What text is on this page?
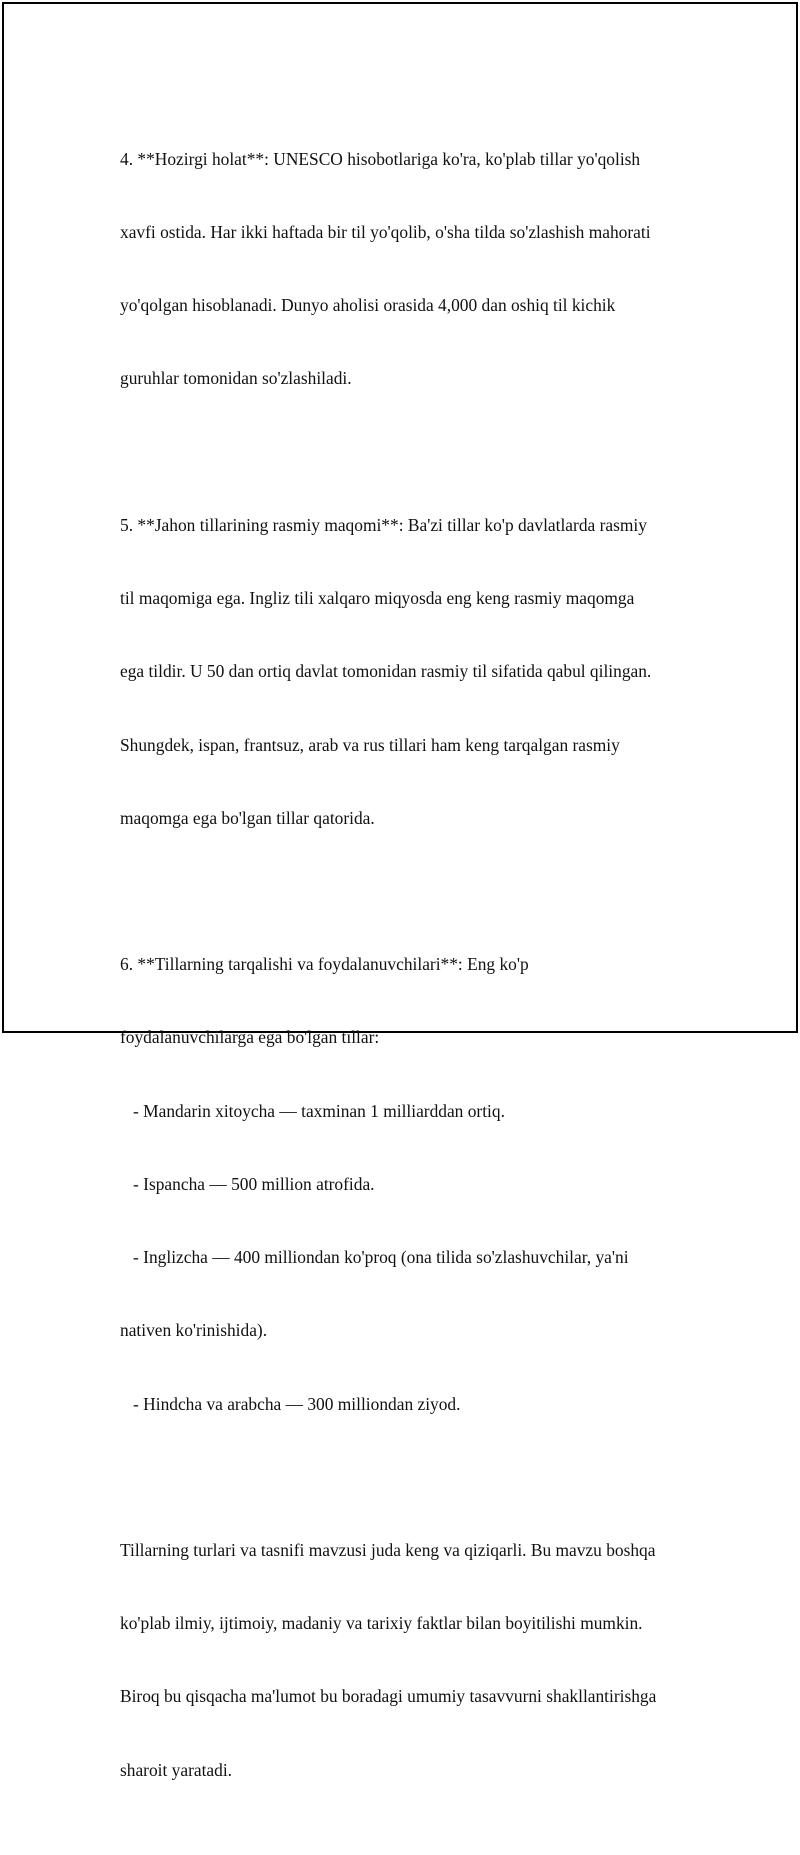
4. **Hozirgi holat**: UNESCO hisobotlariga ko'ra, ko'plab tillar yo'qolish

xavfi ostida. Har ikki haftada bir til yo'qolib, o'sha tilda so'zlashish mahorati

yo'qolgan hisoblanadi. Dunyo aholisi orasida 4,000 dan oshiq til kichik

guruhlar tomonidan so'zlashiladi.

5. **Jahon tillarining rasmiy maqomi**: Ba'zi tillar ko'p davlatlarda rasmiy

til maqomiga ega. Ingliz tili xalqaro miqyosda eng keng rasmiy maqomga

ega tildir. U 50 dan ortiq davlat tomonidan rasmiy til sifatida qabul qilingan.

Shungdek, ispan, frantsuz, arab va rus tillari ham keng tarqalgan rasmiy

maqomga ega bo'lgan tillar qatorida.

6. **Tillarning tarqalishi va foydalanuvchilari**: Eng ko'p

foydalanuvchilarga ega bo'lgan tillar:

- Mandarin xitoycha — taxminan 1 milliarddan ortiq.

- Ispancha — 500 million atrofida.

- Inglizcha — 400 milliondan ko'proq (ona tilida so'zlashuvchilar, ya'ni

nativen ko'rinishida).

- Hindcha va arabcha — 300 milliondan ziyod.

Tillarning turlari va tasnifi mavzusi juda keng va qiziqarli. Bu mavzu boshqa

ko'plab ilmiy, ijtimoiy, madaniy va tarixiy faktlar bilan boyitilishi mumkin.

Biroq bu qisqacha ma'lumot bu boradagi umumiy tasavvurni shakllantirishga

sharoit yaratadi.
